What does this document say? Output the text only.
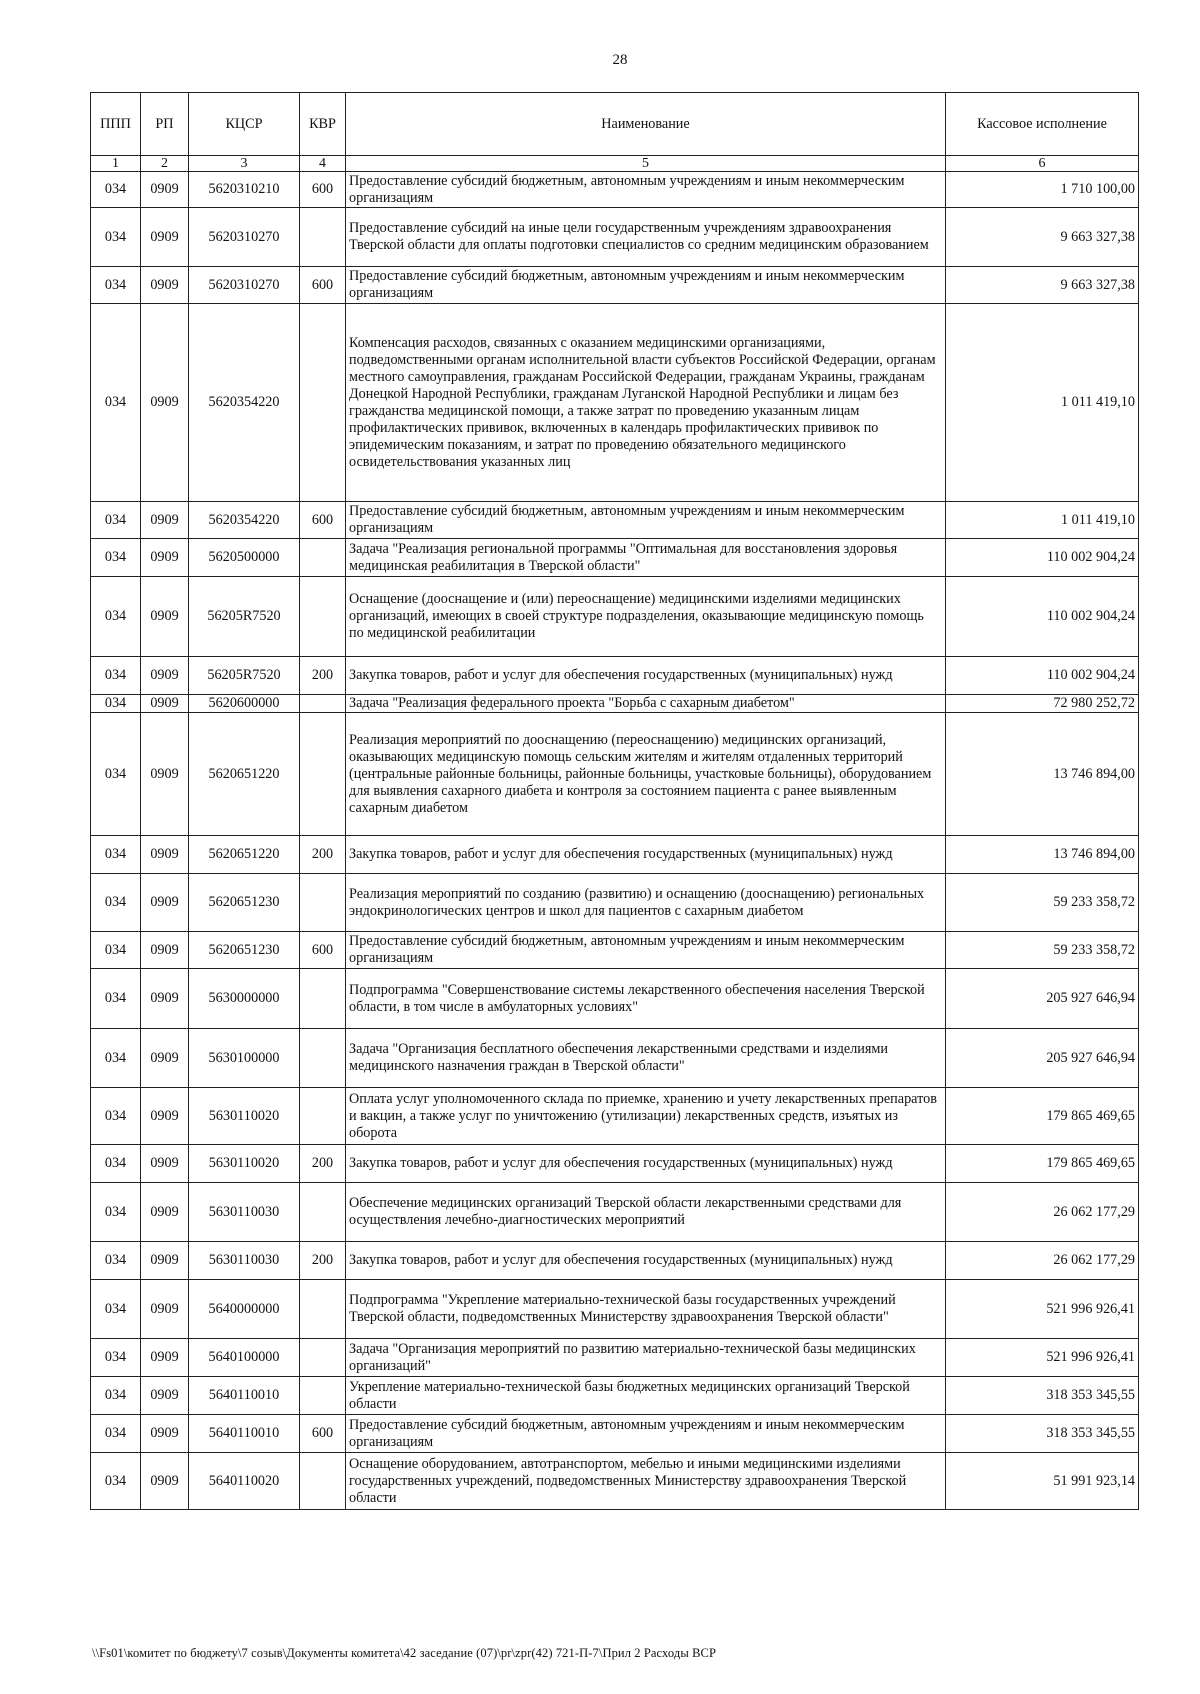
28
ППП	РП	КЦСР	КВР	Наименование	Кассовое исполнение
1	2	3	4	5	6
034	0909	5620310210	600	Предоставление субсидий бюджетным, автономным учреждениям и иным некоммерческим организациям	1 710 100,00
034	0909	5620310270		Предоставление субсидий на иные цели государственным учреждениям здравоохранения Тверской области для оплаты подготовки специалистов со средним медицинским образованием	9 663 327,38
034	0909	5620310270	600	Предоставление субсидий бюджетным, автономным учреждениям и иным некоммерческим организациям	9 663 327,38
034	0909	5620354220		Компенсация расходов, связанных с оказанием медицинскими организациями, подведомственными органам исполнительной власти субъектов Российской Федерации, органам местного самоуправления, гражданам Российской Федерации, гражданам Украины, гражданам Донецкой Народной Республики, гражданам Луганской Народной Республики и лицам без гражданства медицинской помощи, а также затрат по проведению указанным лицам профилактических прививок, включенных в календарь профилактических прививок по эпидемическим показаниям, и затрат по проведению обязательного медицинского освидетельствования указанных лиц	1 011 419,10
034	0909	5620354220	600	Предоставление субсидий бюджетным, автономным учреждениям и иным некоммерческим организациям	1 011 419,10
034	0909	5620500000		Задача "Реализация региональной программы "Оптимальная для восстановления здоровья медицинская реабилитация в Тверской области"	110 002 904,24
034	0909	56205R7520		Оснащение (дооснащение и (или) переоснащение) медицинскими изделиями медицинских организаций, имеющих в своей структуре подразделения, оказывающие медицинскую помощь по медицинской реабилитации	110 002 904,24
034	0909	56205R7520	200	Закупка товаров, работ и услуг для обеспечения государственных (муниципальных) нужд	110 002 904,24
034	0909	5620600000		Задача "Реализация федерального проекта "Борьба с сахарным диабетом"	72 980 252,72
034	0909	5620651220		Реализация мероприятий по дооснащению (переоснащению) медицинских организаций, оказывающих медицинскую помощь сельским жителям и жителям отдаленных территорий (центральные районные больницы, районные больницы, участковые больницы), оборудованием для выявления сахарного диабета и контроля за состоянием пациента с ранее выявленным сахарным диабетом	13 746 894,00
034	0909	5620651220	200	Закупка товаров, работ и услуг для обеспечения государственных (муниципальных) нужд	13 746 894,00
034	0909	5620651230		Реализация мероприятий по созданию (развитию) и оснащению (дооснащению) региональных эндокринологических центров и школ для пациентов с сахарным диабетом	59 233 358,72
034	0909	5620651230	600	Предоставление субсидий бюджетным, автономным учреждениям и иным некоммерческим организациям	59 233 358,72
034	0909	5630000000		Подпрограмма "Совершенствование системы лекарственного обеспечения населения Тверской области, в том числе в амбулаторных условиях"	205 927 646,94
034	0909	5630100000		Задача "Организация бесплатного обеспечения лекарственными средствами и изделиями медицинского назначения граждан в Тверской области"	205 927 646,94
034	0909	5630110020		Оплата услуг уполномоченного склада по приемке, хранению и учету лекарственных препаратов и вакцин, а также услуг по уничтожению (утилизации) лекарственных средств, изъятых из оборота	179 865 469,65
034	0909	5630110020	200	Закупка товаров, работ и услуг для обеспечения государственных (муниципальных) нужд	179 865 469,65
034	0909	5630110030		Обеспечение медицинских организаций Тверской области лекарственными средствами для осуществления лечебно-диагностических мероприятий	26 062 177,29
034	0909	5630110030	200	Закупка товаров, работ и услуг для обеспечения государственных (муниципальных) нужд	26 062 177,29
034	0909	5640000000		Подпрограмма "Укрепление материально-технической базы государственных учреждений Тверской области, подведомственных Министерству здравоохранения Тверской области"	521 996 926,41
034	0909	5640100000		Задача "Организация мероприятий по развитию материально-технической базы медицинских организаций"	521 996 926,41
034	0909	5640110010		Укрепление материально-технической базы бюджетных медицинских организаций Тверской области	318 353 345,55
034	0909	5640110010	600	Предоставление субсидий бюджетным, автономным учреждениям и иным некоммерческим организациям	318 353 345,55
034	0909	5640110020		Оснащение оборудованием, автотранспортом, мебелью и иными медицинскими изделиями государственных учреждений, подведомственных Министерству здравоохранения Тверской области	51 991 923,14
\\Fs01\комитет по бюджету\7 созыв\Документы комитета\42 заседание (07)\pr\zpr(42) 721-П-7\Прил 2 Расходы ВСР
